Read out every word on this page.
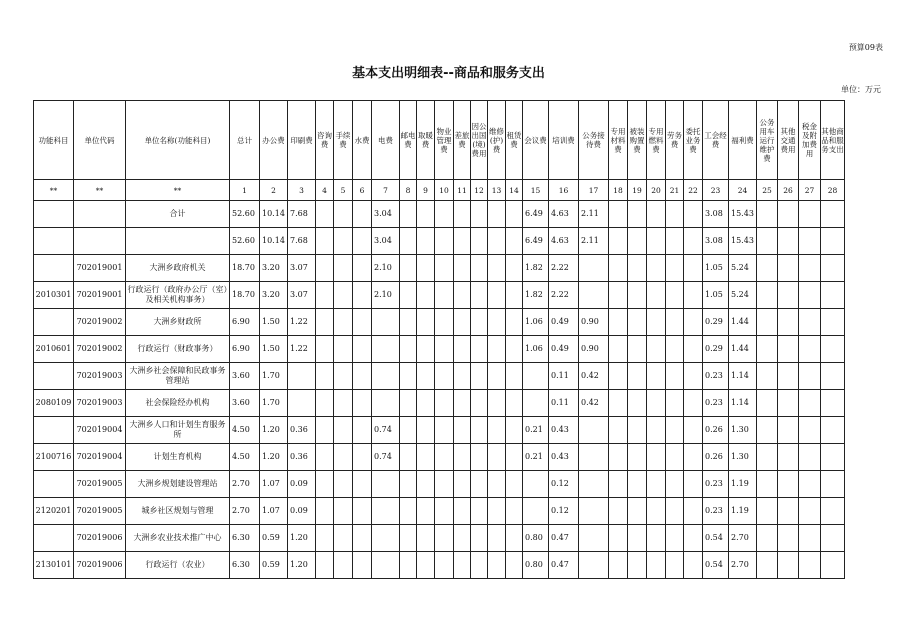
预算09表
基本支出明细表--商品和服务支出
单位：万元
功能科目	单位代码	单位名称(功能科目)	总计	办公费	印刷费	咨询费	手续费	水费	电费	邮电费	取暖费	物业管理费	差旅费	因公出国(境)费用	维修(护)费	租赁费	会议费	培训费	公务接待费	专用材料费	被装购置费	专用燃料费	劳务费	委托业务费	工会经费	福利费	公务用车运行维护费	其他交通费用	税金及附加费用	其他商品和服务支出
**	**	**	1	2	3	4	5	6	7	8	9	10	11	12	13	14	15	16	17	18	19	20	21	22	23	24	25	26	27	28
		合计	52.60	10.14	7.68				3.04								6.49	4.63	2.11						3.08	15.43				
			52.60	10.14	7.68				3.04								6.49	4.63	2.11						3.08	15.43				
	702019001	大洲乡政府机关	18.70	3.20	3.07				2.10								1.82	2.22							1.05	5.24				
2010301	702019001	行政运行（政府办公厅（室）及相关机构事务）	18.70	3.20	3.07				2.10								1.82	2.22							1.05	5.24				
	702019002	大洲乡财政所	6.90	1.50	1.22												1.06	0.49	0.90						0.29	1.44				
2010601	702019002	行政运行（财政事务）	6.90	1.50	1.22												1.06	0.49	0.90						0.29	1.44				
	702019003	大洲乡社会保障和民政事务管理站	3.60	1.70														0.11	0.42						0.23	1.14				
2080109	702019003	社会保险经办机构	3.60	1.70														0.11	0.42						0.23	1.14				
	702019004	大洲乡人口和计划生育服务所	4.50	1.20	0.36				0.74								0.21	0.43							0.26	1.30				
2100716	702019004	计划生育机构	4.50	1.20	0.36				0.74								0.21	0.43							0.26	1.30				
	702019005	大洲乡规划建设管理站	2.70	1.07	0.09													0.12							0.23	1.19				
2120201	702019005	城乡社区规划与管理	2.70	1.07	0.09													0.12							0.23	1.19				
	702019006	大洲乡农业技术推广中心	6.30	0.59	1.20												0.80	0.47							0.54	2.70				
2130101	702019006	行政运行（农业）	6.30	0.59	1.20												0.80	0.47							0.54	2.70				
